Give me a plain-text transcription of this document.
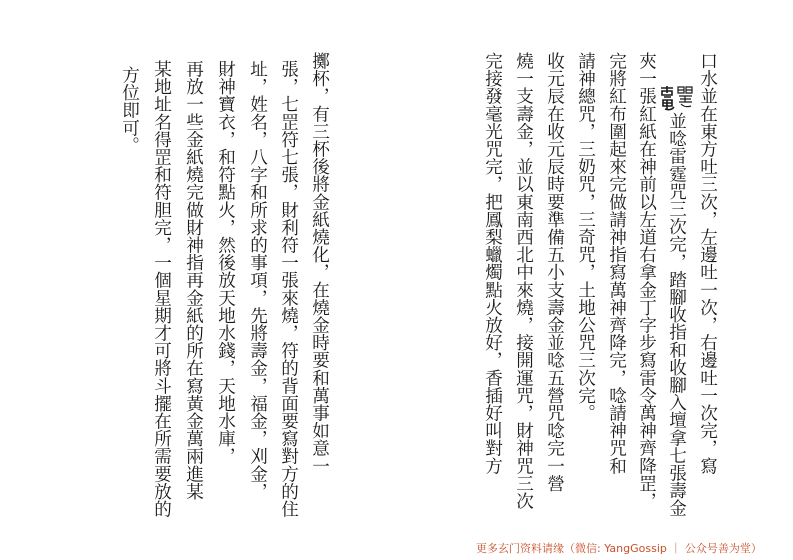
口水並在東方吐三次，左邊吐一次，右邊吐一次完，寫
並唸雷霆咒三次完，踏腳收指和收腳入壇拿七張壽金
夾一張紅紙在神前以左道右拿金丁字步寫雷令萬神齊降罡，
完將紅布圍起來完做請神指寫萬神齊降完，唸請神咒和
請神總咒，三奶咒，三奇咒，土地公咒三次完。
收元辰在收元辰時要準備五小支壽金並唸五營咒唸完一營
燒一支壽金，並以東南西北中來燒，接開運咒，財神咒三次
完接發毫光咒完，把鳳梨蠟燭點火放好，香插好叫對方
擲杯，有三杯後將金紙燒化，在燒金時要和萬事如意一
張，七罡符七張，財利符一張來燒，符的背面要寫對方的住
址，姓名，八字和所求的事項，先將壽金，福金，刈金，
財神寶衣，和符點火，然後放天地水錢，天地水庫，
再放一些金紙燒完做財神指再金紙的所在寫黃金萬兩進某
某地址名得罡和符胆完，一個星期才可將斗擺在所需要放的
方位即可。
更多玄门资料请缘（微信: YangGossip ｜ 公众号善为堂）
